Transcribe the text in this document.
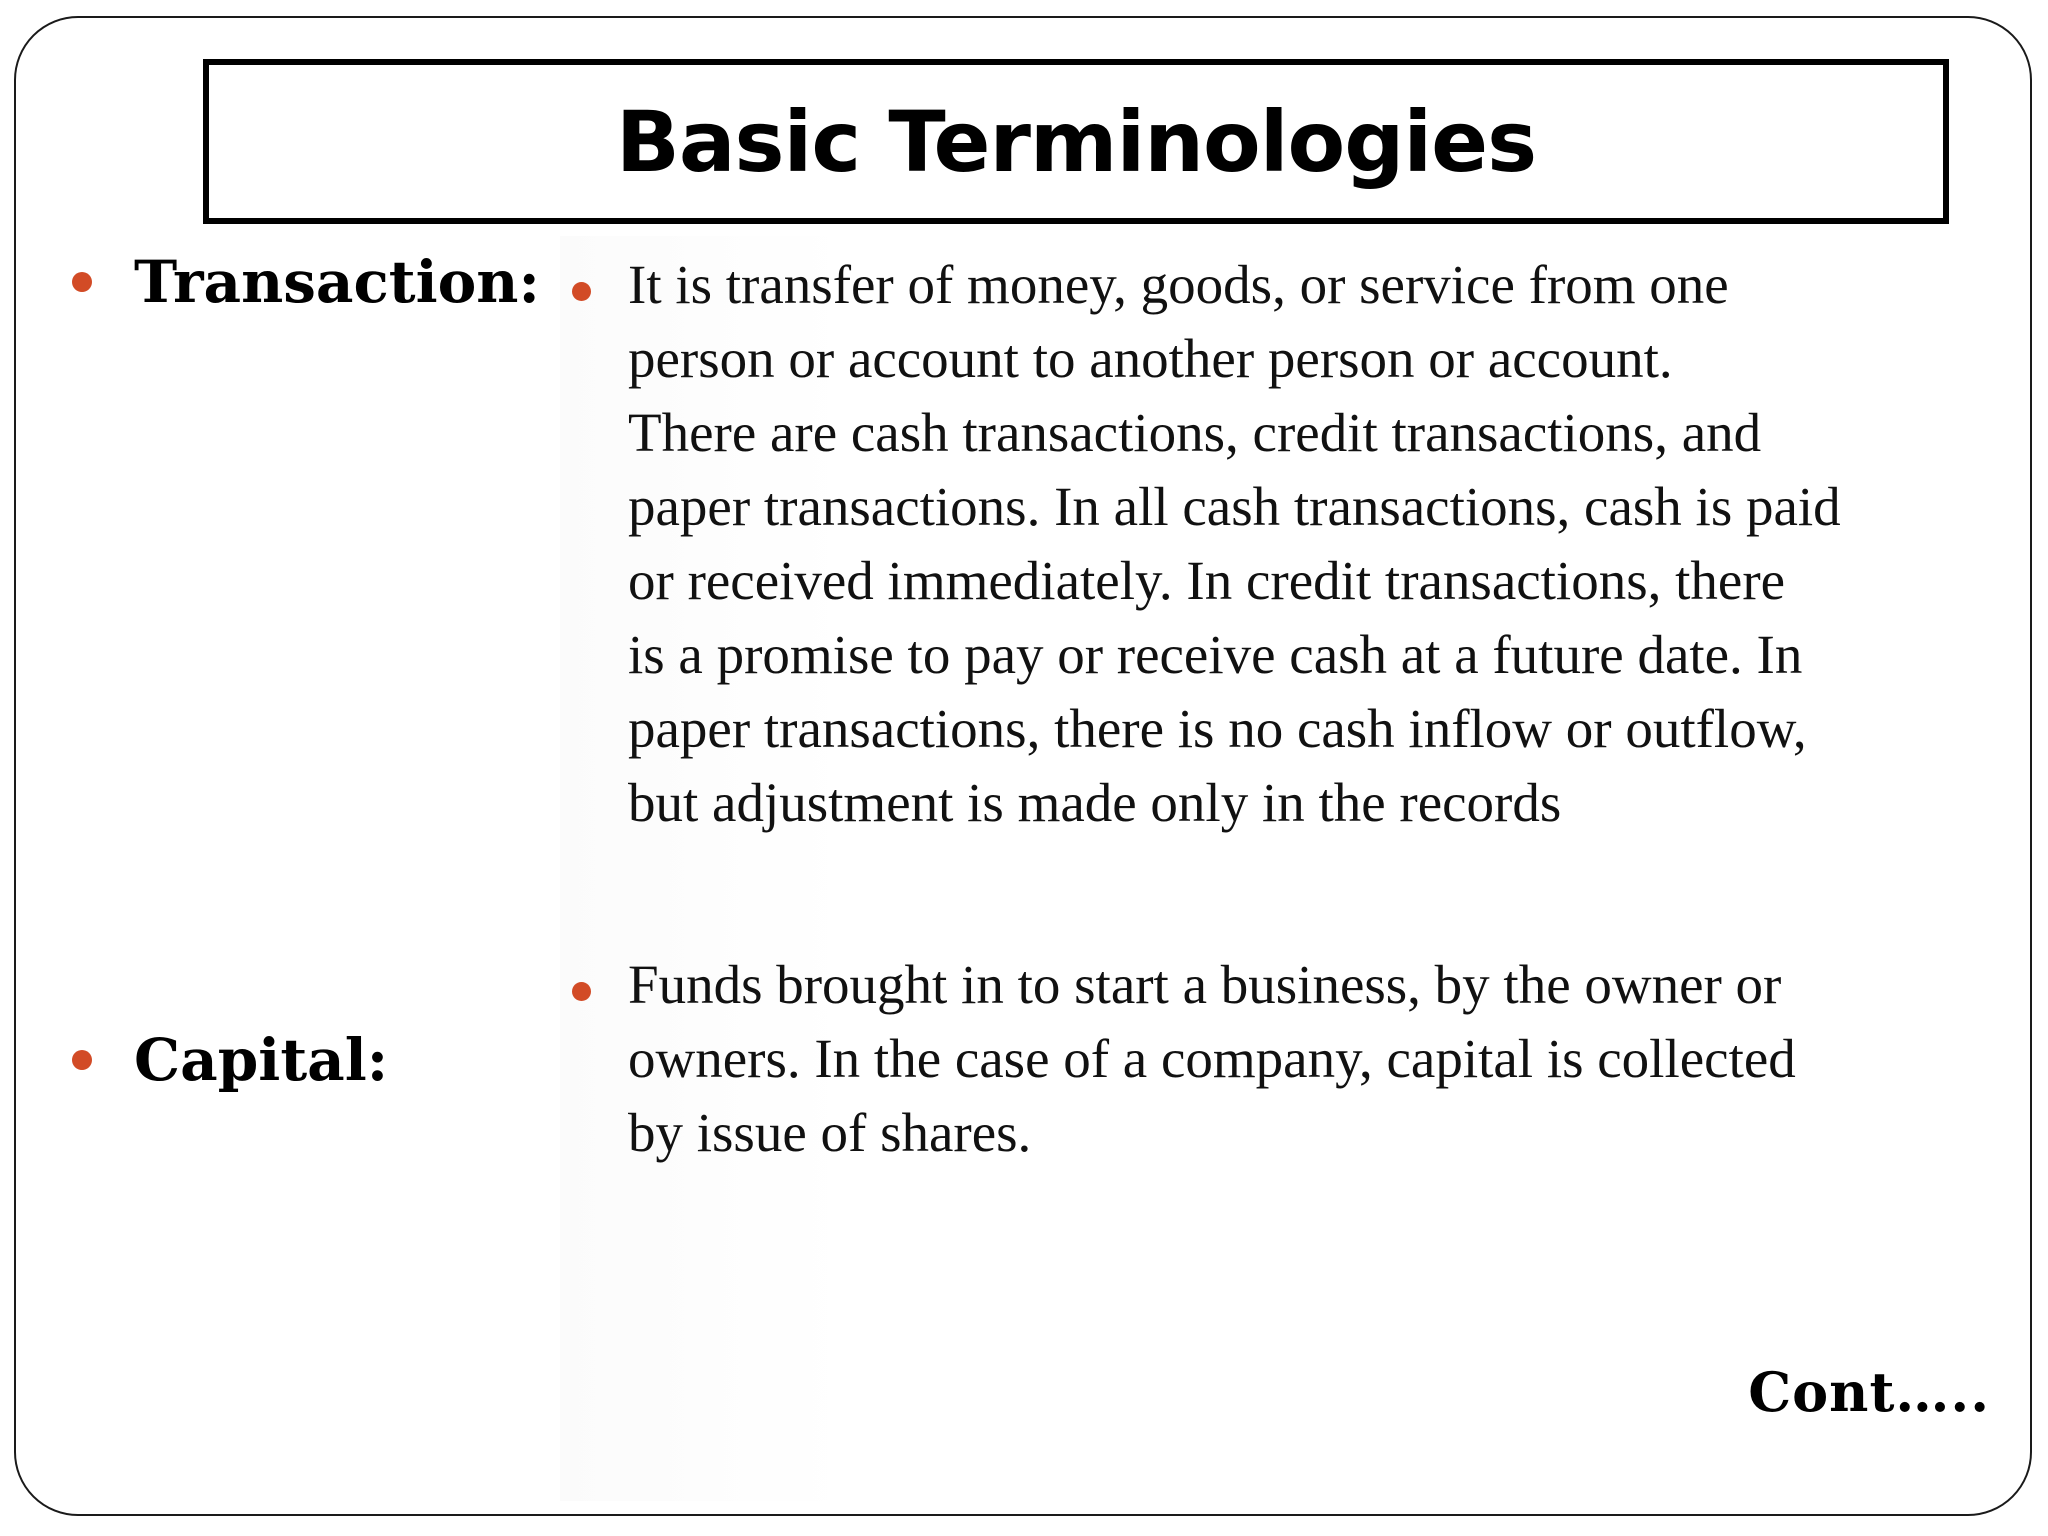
Basic Terminologies
Transaction: It is transfer of money, goods, or service from one
person or account to another person or account.
There are cash transactions, credit transactions, and
paper transactions. In all cash transactions, cash is paid
or received immediately. In credit transactions, there
is a promise to pay or receive cash at a future date. In
paper transactions, there is no cash inflow or outflow,
but adjustment is made only in the records

Capital:

Funds brought in to start a business, by the owner or
owners. In the case of a company, capital is collected
by issue of shares.

Cont…..
